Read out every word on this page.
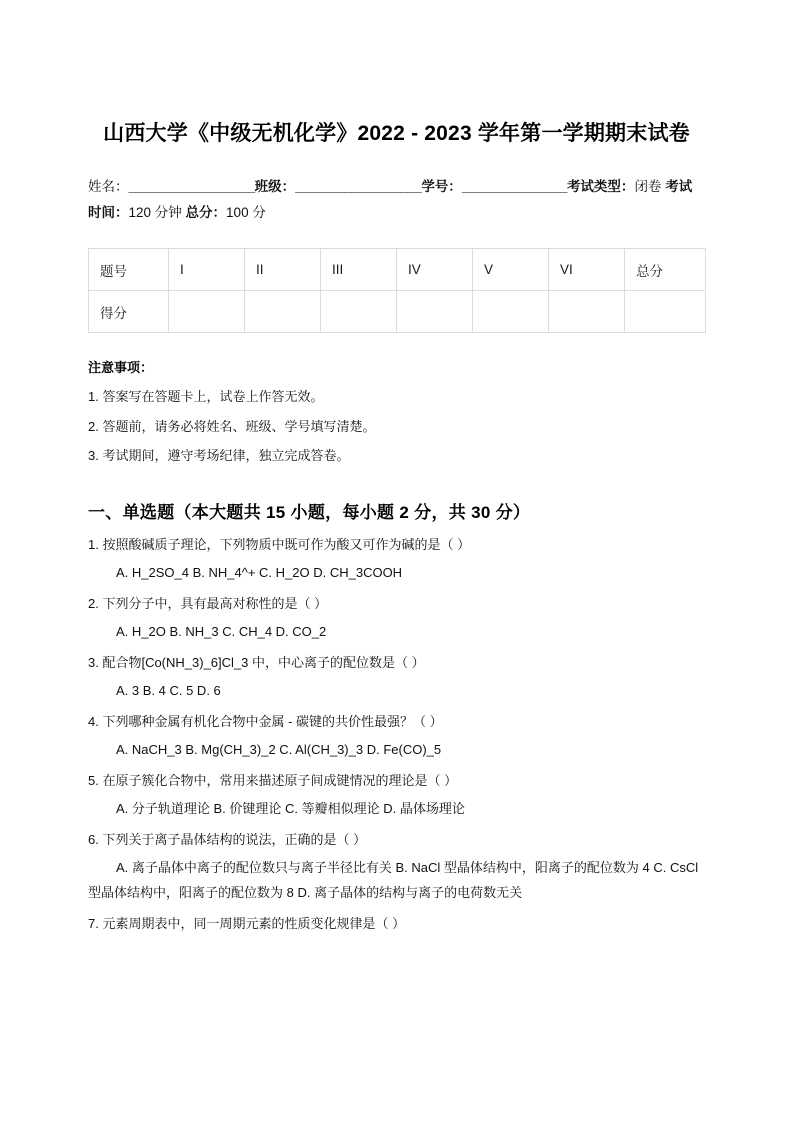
山西大学《中级无机化学》2022 - 2023 学年第一学期期末试卷
姓名：__________________班级：__________________学号：_______________考试类型：闭卷 考试时间：120 分钟 总分：100 分
题号	I	II	III	IV	V	VI	总分
得分							
注意事项：
1. 答案写在答题卡上，试卷上作答无效。
2. 答题前，请务必将姓名、班级、学号填写清楚。
3. 考试期间，遵守考场纪律，独立完成答卷。
一、单选题（本大题共 15 小题，每小题 2 分，共 30 分）

1. 按照酸碱质子理论，下列物质中既可作为酸又可作为碱的是（ ）

A. H_2SO_4 B. NH_4^+ C. H_2O D. CH_3COOH

2. 下列分子中，具有最高对称性的是（ ）

A. H_2O B. NH_3 C. CH_4 D. CO_2

3. 配合物[Co(NH_3)_6]Cl_3 中，中心离子的配位数是（ ）

A. 3 B. 4 C. 5 D. 6

4. 下列哪种金属有机化合物中金属 - 碳键的共价性最强？（ ）

A. NaCH_3 B. Mg(CH_3)_2 C. Al(CH_3)_3 D. Fe(CO)_5

5. 在原子簇化合物中，常用来描述原子间成键情况的理论是（ ）

A. 分子轨道理论 B. 价键理论 C. 等瓣相似理论 D. 晶体场理论

6. 下列关于离子晶体结构的说法，正确的是（ ）

A. 离子晶体中离子的配位数只与离子半径比有关 B. NaCl 型晶体结构中，阳离子的配位数为 4 C. CsCl 型晶体结构中，阳离子的配位数为 8 D. 离子晶体的结构与离子的电荷数无关

7. 元素周期表中，同一周期元素的性质变化规律是（ ）
